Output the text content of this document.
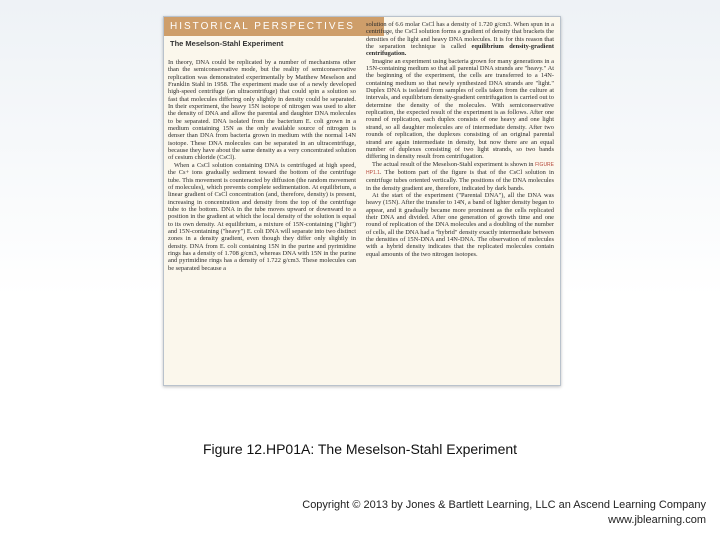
HISTORICAL PERSPECTIVES
The Meselson-Stahl Experiment

In theory, DNA could be replicated by a number of mechanisms other than the semiconservative mode, but the reality of semiconservative replication was demonstrated experimentally by Matthew Meselson and Franklin Stahl in 1958. The experiment made use of a newly developed high-speed centrifuge (an ultracentrifuge) that could spin a solution so fast that molecules differing only slightly in density could be separated. In their experiment, the heavy 15N isotope of nitrogen was used to alter the density of DNA and allow the parental and daughter DNA molecules to be separated. DNA isolated from the bacterium E. coli grown in a medium containing 15N as the only available source of nitrogen is denser than DNA from bacteria grown in medium with the normal 14N isotope. These DNA molecules can be separated in an ultracentrifuge, because they have about the same density as a very concentrated solution of cesium chloride (CsCl).

When a CsCl solution containing DNA is centrifuged at high speed, the Cs+ ions gradually sediment toward the bottom of the centrifuge tube. This movement is counteracted by diffusion (the random movement of molecules), which prevents complete sedimentation. At equilibrium, a linear gradient of CsCl concentration (and, therefore, density) is present, increasing in concentration and density from the top of the centrifuge tube to the bottom. DNA in the tube moves upward or downward to a position in the gradient at which the local density of the solution is equal to its own density. At equilibrium, a mixture of 15N-containing ("light") and 15N-containing ("heavy") E. coli DNA will separate into two distinct zones in a density gradient, even though they differ only slightly in density. DNA from E. coli containing 15N in the purine and pyrimidine rings has a density of 1.708 g/cm3, whereas DNA with 15N in the purine and pyrimidine rings has a density of 1.722 g/cm3. These molecules can be separated because a

solution of 6.6 molar CsCl has a density of 1.720 g/cm3. When spun in a centrifuge, the CsCl solution forms a gradient of density that brackets the densities of the light and heavy DNA molecules. It is for this reason that the separation technique is called equilibrium density-gradient centrifugation.

Imagine an experiment using bacteria grown for many generations in a 15N-containing medium so that all parental DNA strands are "heavy." At the beginning of the experiment, the cells are transferred to a 14N-containing medium so that newly synthesized DNA strands are "light." Duplex DNA is isolated from samples of cells taken from the culture at intervals, and equilibrium density-gradient centrifugation is carried out to determine the density of the molecules. With semiconservative replication, the expected result of the experiment is as follows. After one round of replication, each duplex consists of one heavy and one light strand, so all daughter molecules are of intermediate density. After two rounds of replication, the duplexes consisting of an original parental strand are again intermediate in density, but now there are an equal number of duplexes consisting of two light strands, so two bands differing in density result from centrifugation.

The actual result of the Meselson-Stahl experiment is shown in FIGURE HP1.1. The bottom part of the figure is that of the CsCl solution in centrifuge tubes oriented vertically. The positions of the DNA molecules in the density gradient are, therefore, indicated by dark bands.

At the start of the experiment ("Parental DNA"), all the DNA was heavy (15N). After the transfer to 14N, a band of lighter density began to appear, and it gradually became more prominent as the cells replicated their DNA and divided. After one generation of growth time and one round of replication of the DNA molecules and a doubling of the number of cells, all the DNA had a "hybrid" density exactly intermediate between the densities of 15N-DNA and 14N-DNA. The observation of molecules with a hybrid density indicates that the replicated molecules contain equal amounts of the two nitrogen isotopes.

Figure 12.HP01A: The Meselson-Stahl Experiment
Copyright © 2013 by Jones & Bartlett Learning, LLC an Ascend Learning Company
www.jblearning.com
